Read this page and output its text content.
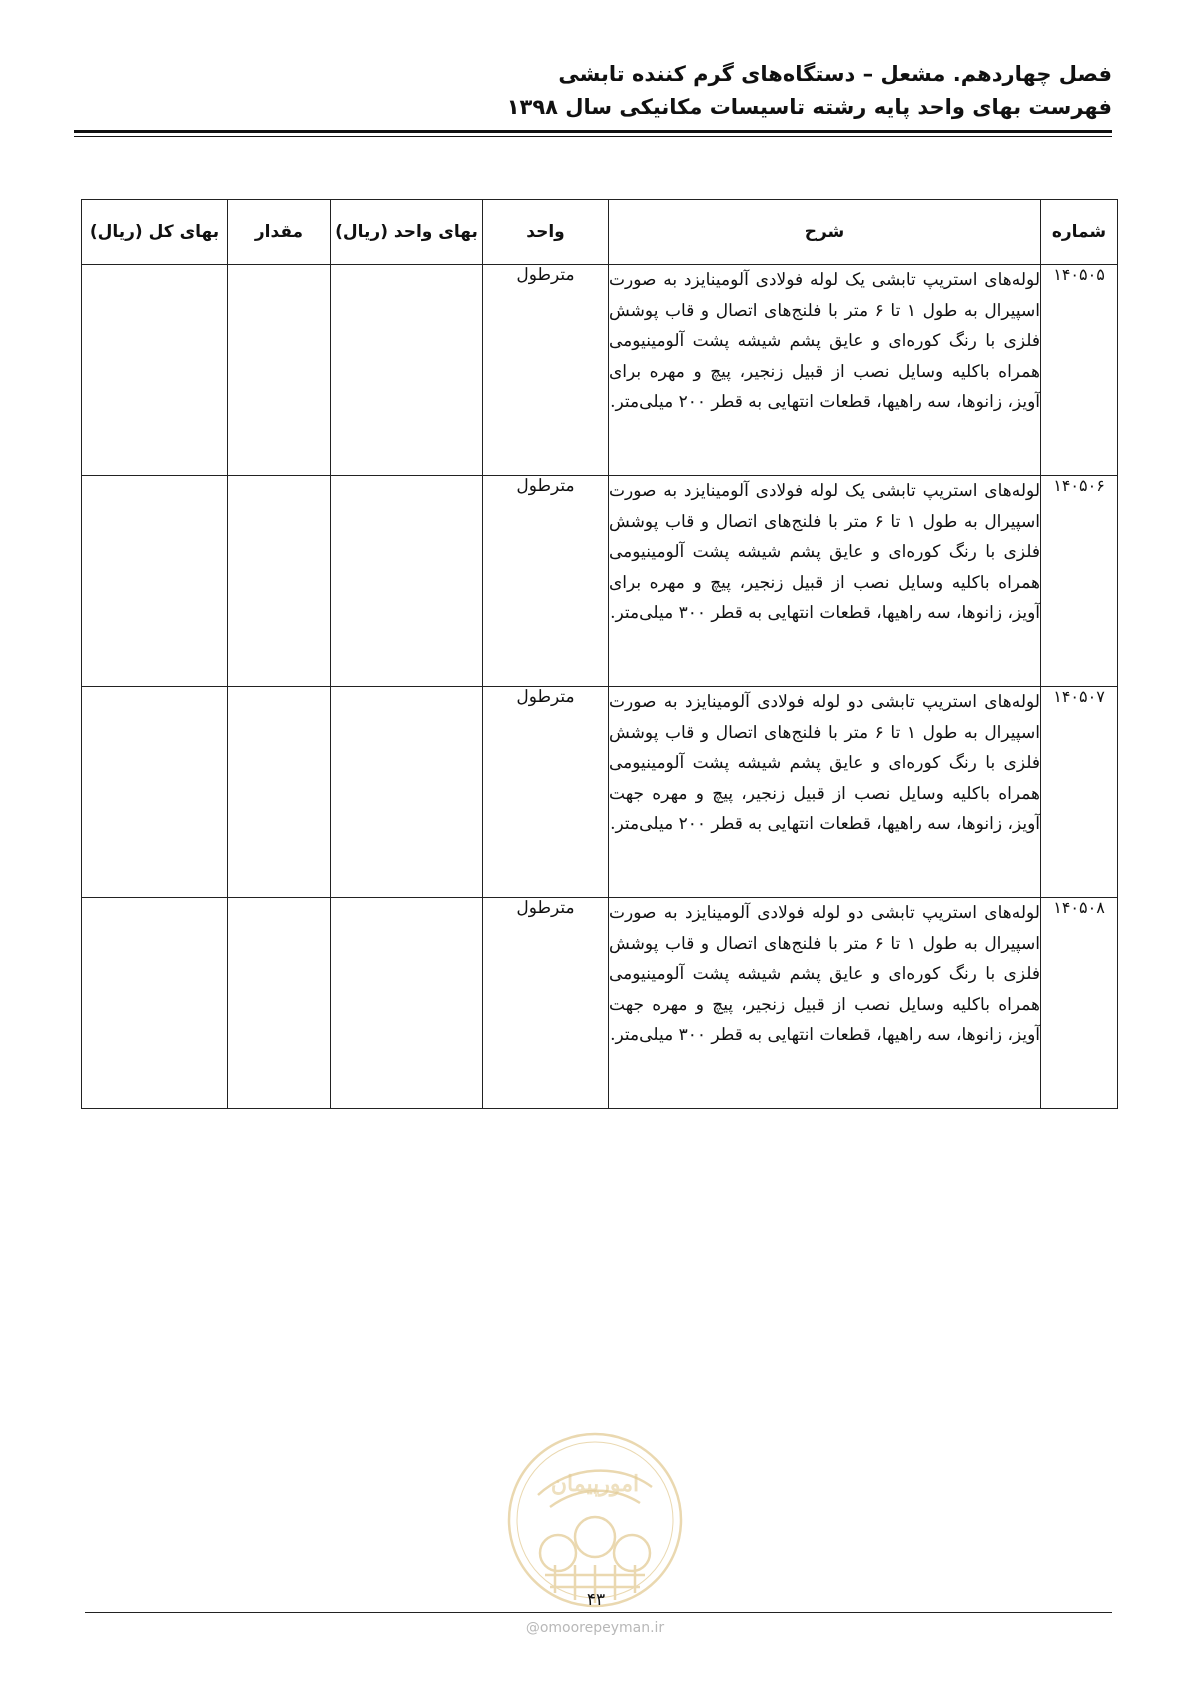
فصل چهاردهم. مشعل – دستگاه‌های گرم کننده تابشی
فهرست بهای واحد پایه رشته تاسیسات مکانیکی سال ۱۳۹۸
شماره	شرح	واحد	بهای واحد (ریال)	مقدار	بهای کل (ریال)
۱۴۰۵۰۵	لوله‌های استریپ تابشی یک لوله فولادی آلومینایزد به صورت اسپیرال به طول ۱ تا ۶ متر با فلنج‌های اتصال و قاب پوشش فلزی با رنگ کوره‌ای و عایق پشم شیشه پشت آلومینیومی همراه باکلیه وسایل نصب از قبیل زنجیر، پیچ و مهره برای آویز، زانوها، سه راهیها، قطعات انتهایی به قطر ۲۰۰ میلی‌متر.	مترطول			
۱۴۰۵۰۶	لوله‌های استریپ تابشی یک لوله فولادی آلومینایزد به صورت اسپیرال به طول ۱ تا ۶ متر با فلنج‌های اتصال و قاب پوشش فلزی با رنگ کوره‌ای و عایق پشم شیشه پشت آلومینیومی همراه باکلیه وسایل نصب از قبیل زنجیر، پیچ و مهره برای آویز، زانوها، سه راهیها، قطعات انتهایی به قطر ۳۰۰ میلی‌متر.	مترطول			
۱۴۰۵۰۷	لوله‌های استریپ تابشی دو لوله فولادی آلومینایزد به صورت اسپیرال به طول ۱ تا ۶ متر با فلنج‌های اتصال و قاب پوشش فلزی با رنگ کوره‌ای و عایق پشم شیشه پشت آلومینیومی همراه باکلیه وسایل نصب از قبیل زنجیر، پیچ و مهره جهت آویز، زانوها، سه راهیها، قطعات انتهایی به قطر ۲۰۰ میلی‌متر.	مترطول			
۱۴۰۵۰۸	لوله‌های استریپ تابشی دو لوله فولادی آلومینایزد به صورت اسپیرال به طول ۱ تا ۶ متر با فلنج‌های اتصال و قاب پوشش فلزی با رنگ کوره‌ای و عایق پشم شیشه پشت آلومینیومی همراه باکلیه وسایل نصب از قبیل زنجیر، پیچ و مهره جهت آویز، زانوها، سه راهیها، قطعات انتهایی به قطر ۳۰۰ میلی‌متر.	مترطول			
امورپیمان
۴۳
@omoorepeyman.ir
